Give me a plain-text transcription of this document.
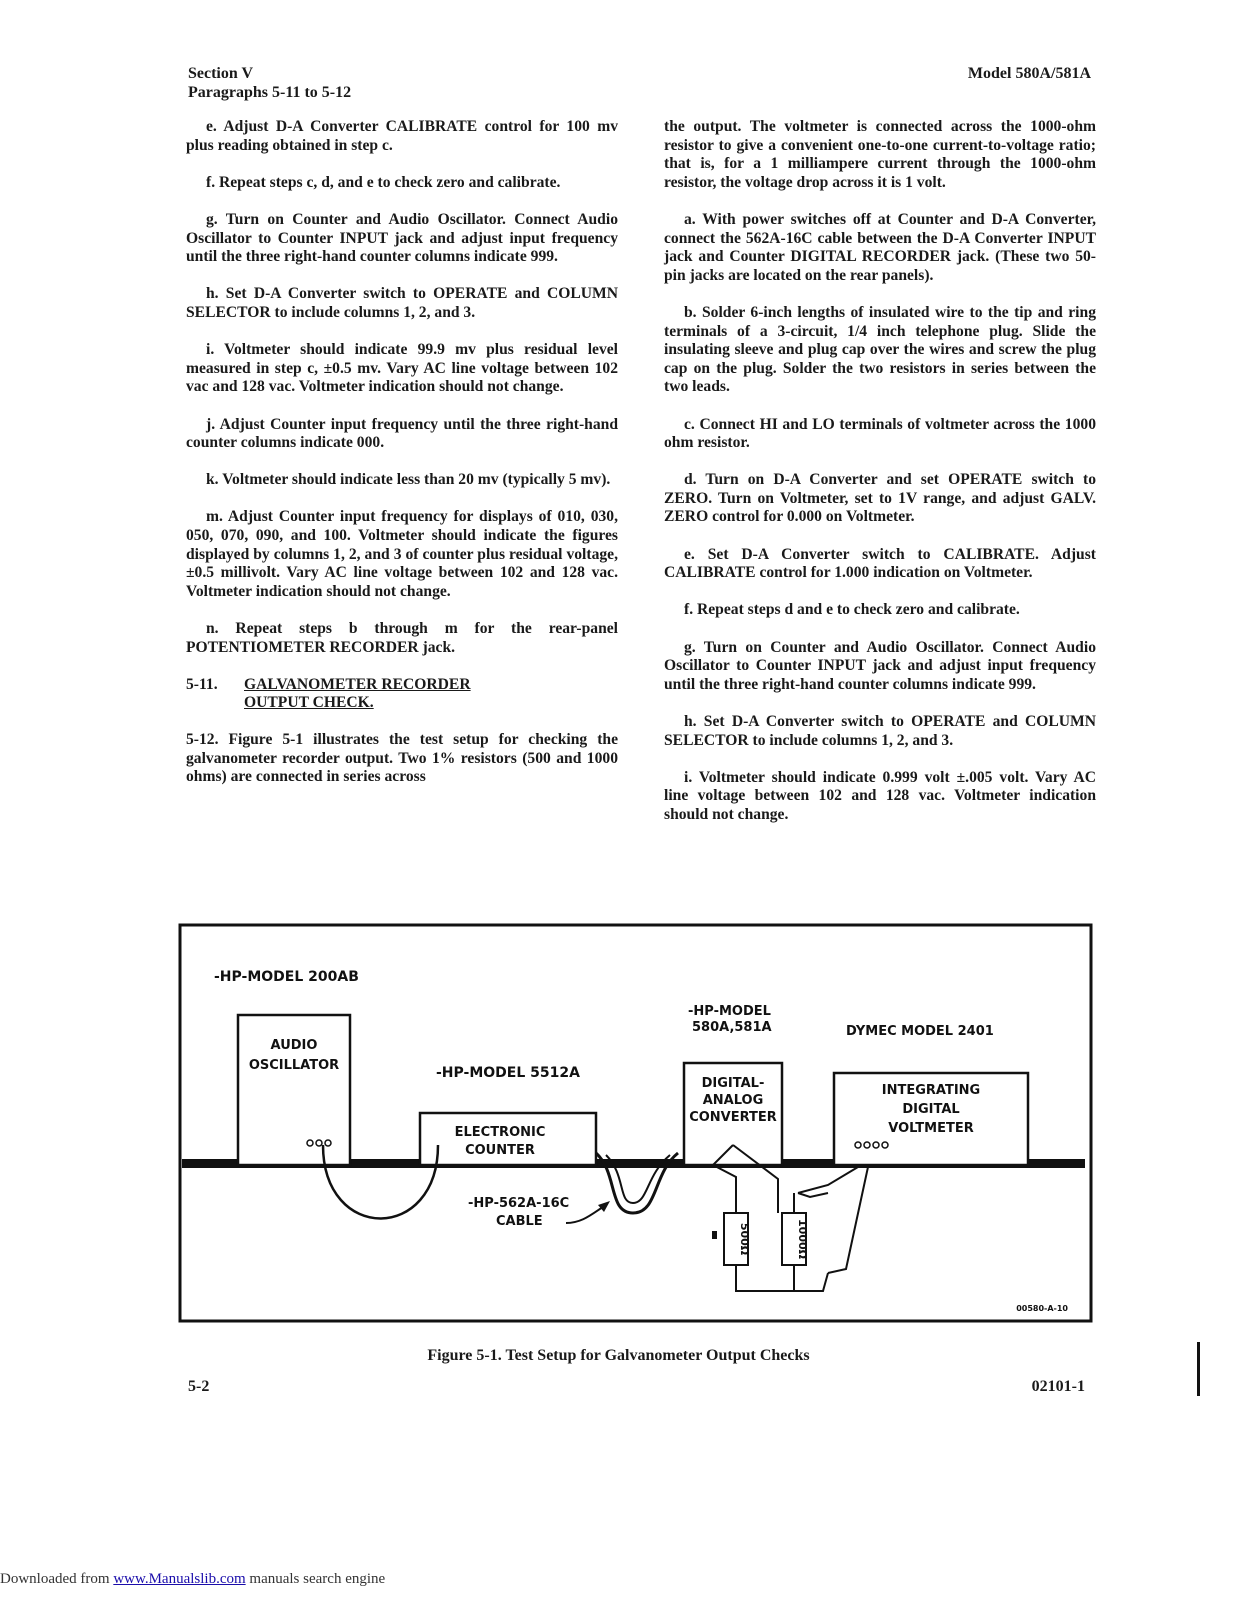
Section V
Paragraphs 5-11 to 5-12
Model 580A/581A

e. Adjust D-A Converter CALIBRATE control for 100 mv plus reading obtained in step c.

f. Repeat steps c, d, and e to check zero and calibrate.

g. Turn on Counter and Audio Oscillator. Connect Audio Oscillator to Counter INPUT jack and adjust input frequency until the three right-hand counter columns indicate 999.

h. Set D-A Converter switch to OPERATE and COLUMN SELECTOR to include columns 1, 2, and 3.

i. Voltmeter should indicate 99.9 mv plus residual level measured in step c, ±0.5 mv. Vary AC line voltage between 102 vac and 128 vac. Voltmeter indication should not change.

j. Adjust Counter input frequency until the three right-hand counter columns indicate 000.

k. Voltmeter should indicate less than 20 mv (typically 5 mv).

m. Adjust Counter input frequency for displays of 010, 030, 050, 070, 090, and 100. Voltmeter should indicate the figures displayed by columns 1, 2, and 3 of counter plus residual voltage, ±0.5 millivolt. Vary AC line voltage between 102 and 128 vac. Voltmeter indication should not change.

n. Repeat steps b through m for the rear-panel POTENTIOMETER RECORDER jack.

5-11.	GALVANOMETER RECORDER
OUTPUT CHECK.

5-12. Figure 5-1 illustrates the test setup for checking the galvanometer recorder output. Two 1% resistors (500 and 1000 ohms) are connected in series across

the output. The voltmeter is connected across the 1000-ohm resistor to give a convenient one-to-one current-to-voltage ratio; that is, for a 1 milliampere current through the 1000-ohm resistor, the voltage drop across it is 1 volt.

a. With power switches off at Counter and D-A Converter, connect the 562A-16C cable between the D-A Converter INPUT jack and Counter DIGITAL RECORDER jack. (These two 50-pin jacks are located on the rear panels).

b. Solder 6-inch lengths of insulated wire to the tip and ring terminals of a 3-circuit, 1/4 inch telephone plug. Slide the insulating sleeve and plug cap over the wires and screw the plug cap on the plug. Solder the two resistors in series between the two leads.

c. Connect HI and LO terminals of voltmeter across the 1000 ohm resistor.

d. Turn on D-A Converter and set OPERATE switch to ZERO. Turn on Voltmeter, set to 1V range, and adjust GALV. ZERO control for 0.000 on Voltmeter.

e. Set D-A Converter switch to CALIBRATE. Adjust CALIBRATE control for 1.000 indication on Voltmeter.

f. Repeat steps d and e to check zero and calibrate.

g. Turn on Counter and Audio Oscillator. Connect Audio Oscillator to Counter INPUT jack and adjust input frequency until the three right-hand counter columns indicate 999.

h. Set D-A Converter switch to OPERATE and COLUMN SELECTOR to include columns 1, 2, and 3.

i. Voltmeter should indicate 0.999 volt ±.005 volt. Vary AC line voltage between 102 and 128 vac. Voltmeter indication should not change.

-HP-MODEL 200AB
AUDIO
OSCILLATOR	-HP-MODEL 5512A
ELECTRONIC
COUNTER
-HP-562A-16C
CABLE
-HP-MODEL
580A,581A
DIGITAL-
ANALOG
CONVERTER
DYMEC MODEL 2401
INTEGRATING
DIGITAL
VOLTMETER
500Ω	1000Ω
00580-A-10
Figure 5-1. Test Setup for Galvanometer Output Checks
5-2	02101-1
Downloaded from www.Manualslib.com manuals search engine
